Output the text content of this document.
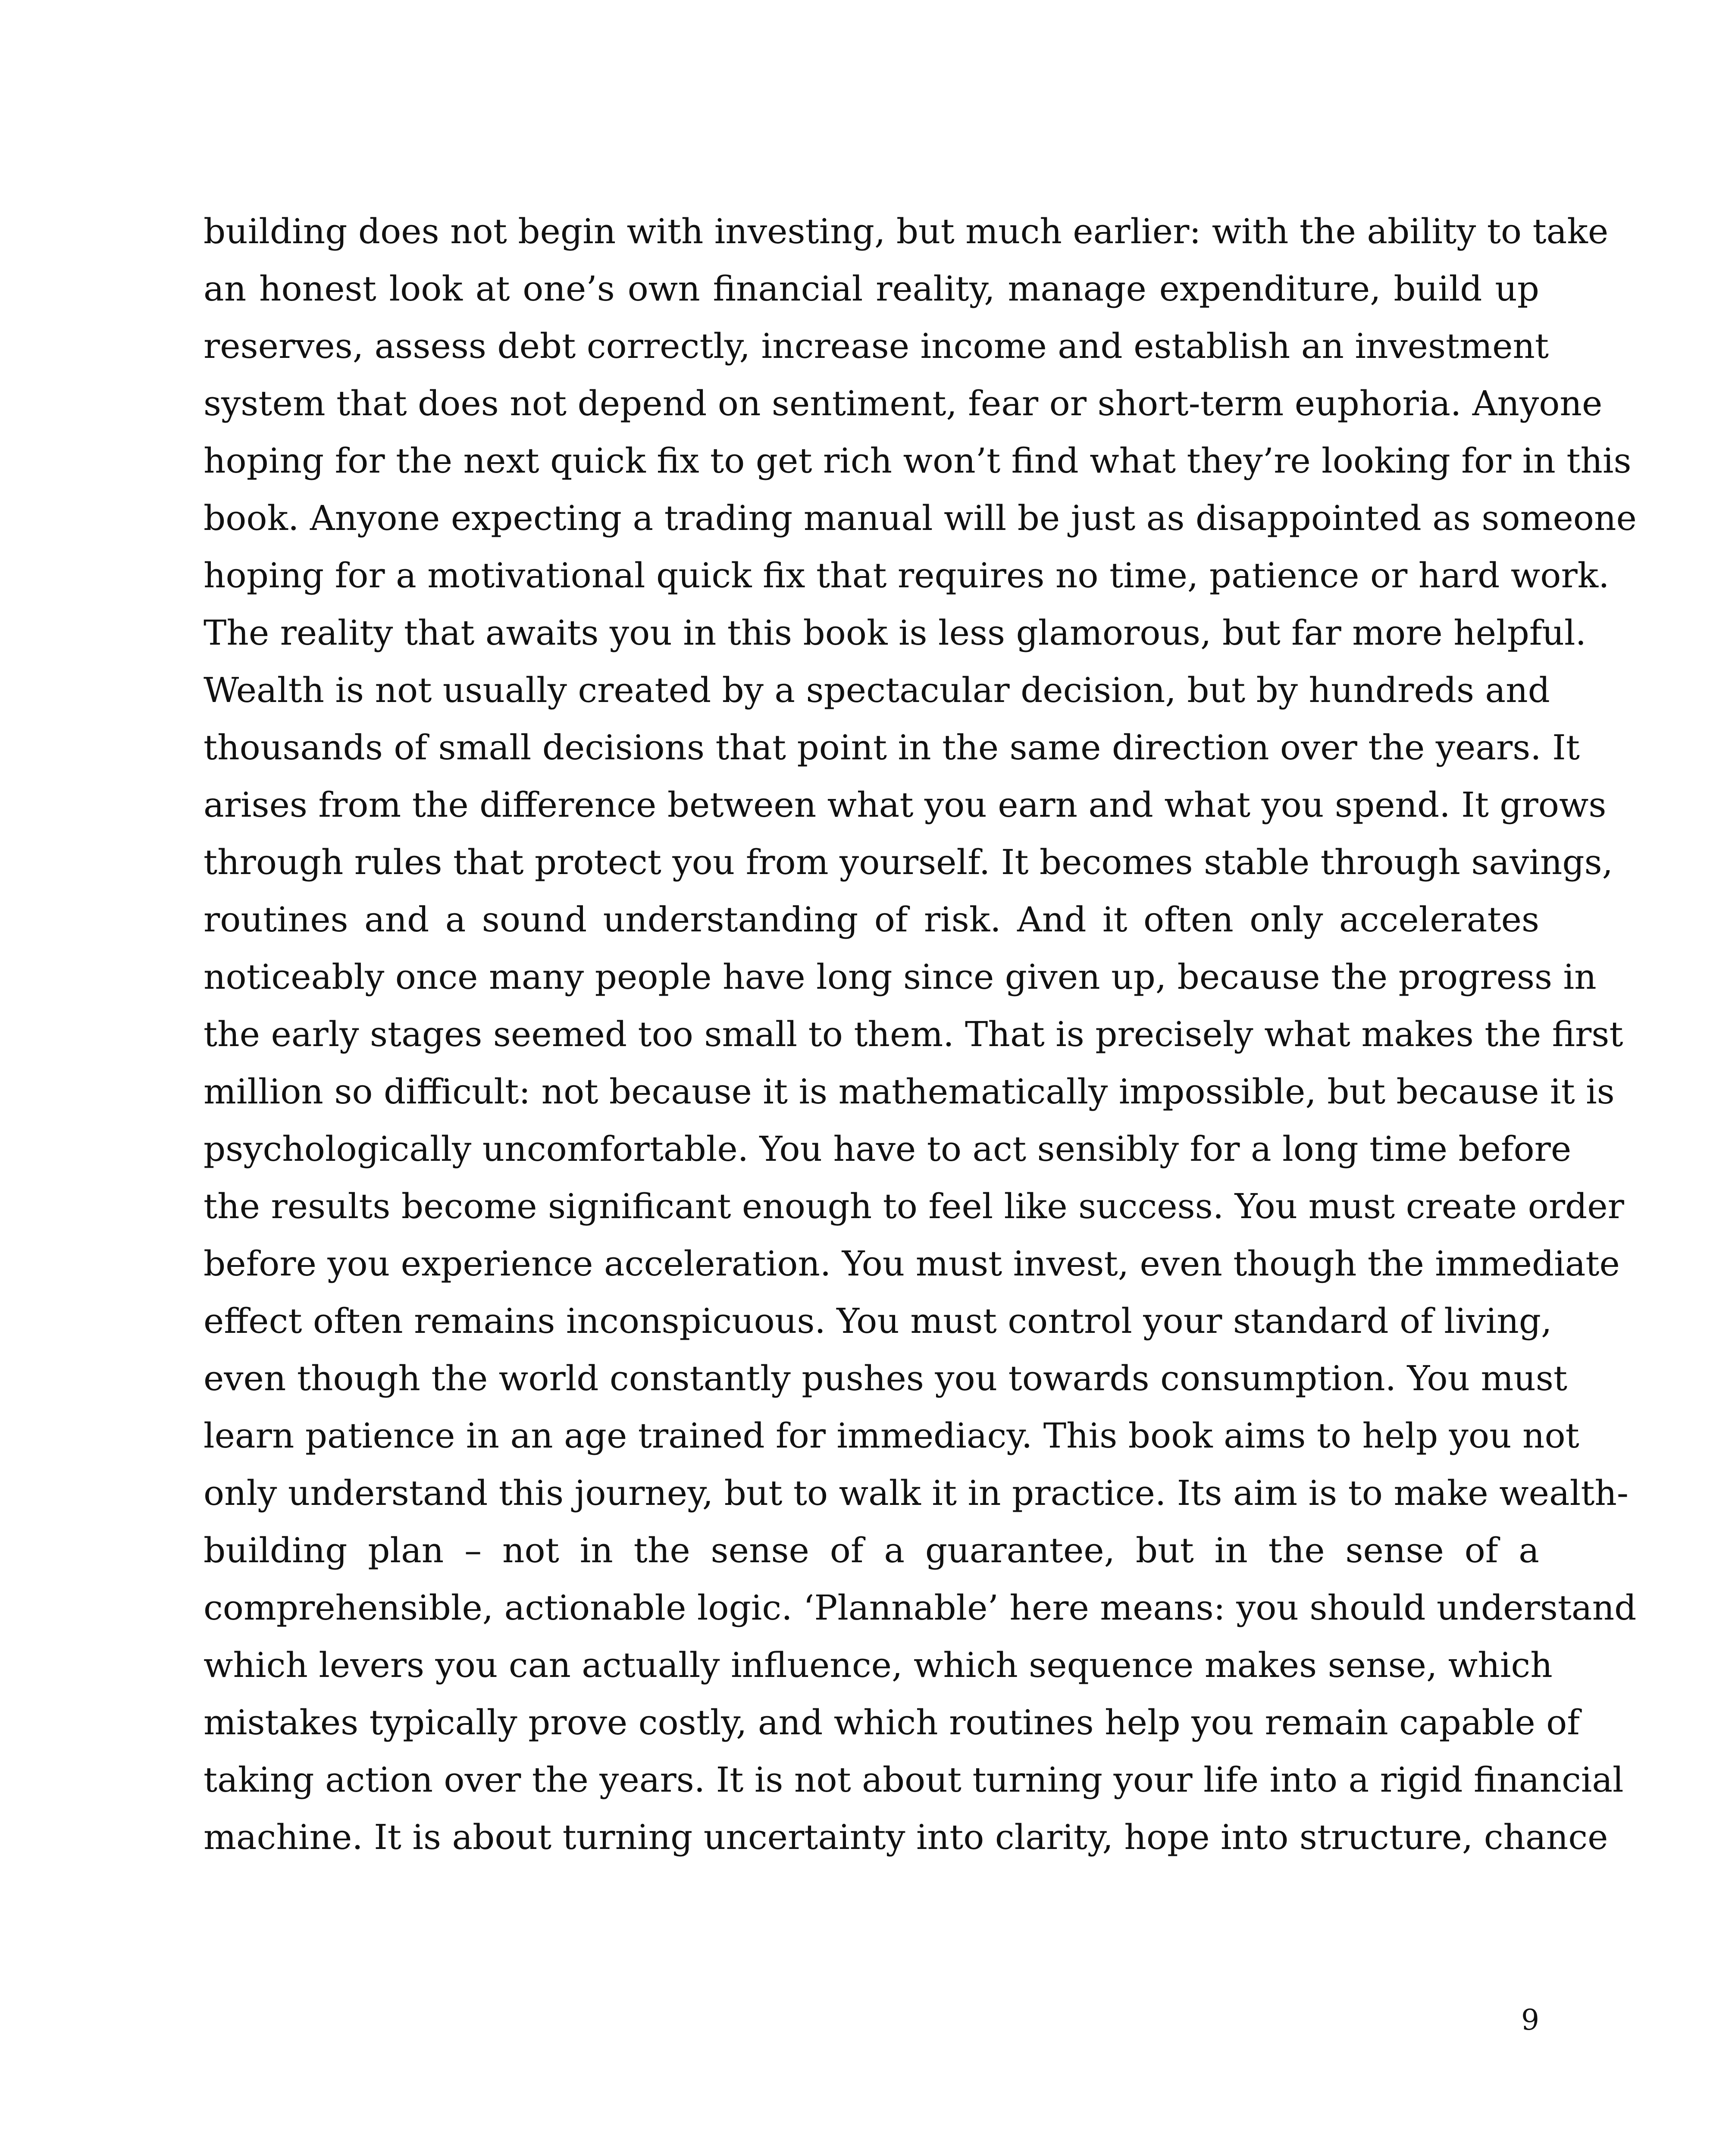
building does not begin with investing, but much earlier: with the ability to take
an honest look at one’s own financial reality, manage expenditure, build up
reserves, assess debt correctly, increase income and establish an investment
system that does not depend on sentiment, fear or short-term euphoria. Anyone
hoping for the next quick fix to get rich won’t find what they’re looking for in this
book. Anyone expecting a trading manual will be just as disappointed as someone
hoping for a motivational quick fix that requires no time, patience or hard work.
The reality that awaits you in this book is less glamorous, but far more helpful.
Wealth is not usually created by a spectacular decision, but by hundreds and
thousands of small decisions that point in the same direction over the years. It
arises from the difference between what you earn and what you spend. It grows
through rules that protect you from yourself. It becomes stable through savings,
routines and a sound understanding of risk. And it often only accelerates
noticeably once many people have long since given up, because the progress in
the early stages seemed too small to them. That is precisely what makes the first
million so difficult: not because it is mathematically impossible, but because it is
psychologically uncomfortable. You have to act sensibly for a long time before
the results become significant enough to feel like success. You must create order
before you experience acceleration. You must invest, even though the immediate
effect often remains inconspicuous. You must control your standard of living,
even though the world constantly pushes you towards consumption. You must
learn patience in an age trained for immediacy. This book aims to help you not
only understand this journey, but to walk it in practice. Its aim is to make wealth-
building plan – not in the sense of a guarantee, but in the sense of a
comprehensible, actionable logic. ‘Plannable’ here means: you should understand
which levers you can actually influence, which sequence makes sense, which
mistakes typically prove costly, and which routines help you remain capable of
taking action over the years. It is not about turning your life into a rigid financial
machine. It is about turning uncertainty into clarity, hope into structure, chance
9
